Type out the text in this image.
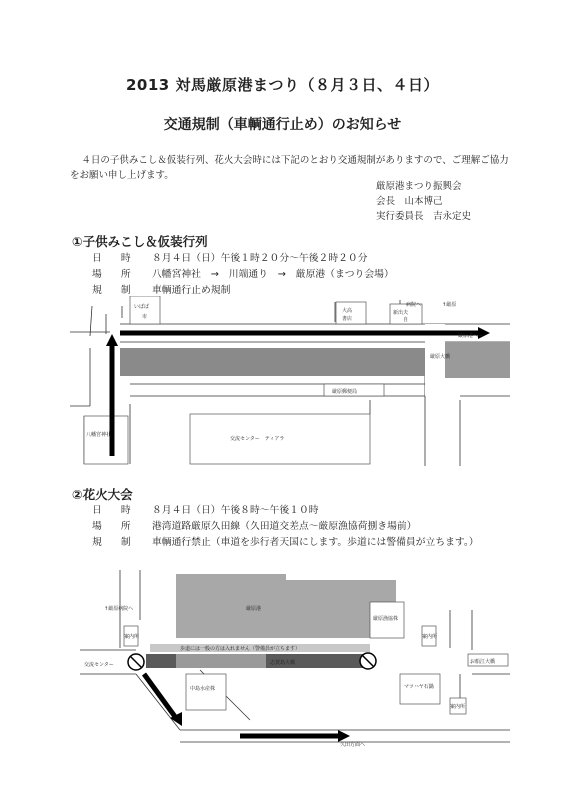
2013 対馬厳原港まつり（８月３日、４日）
交通規制（車輌通行止め）のお知らせ
４日の子供みこし＆仮装行列、花火大会時には下記のとおり交通規制がありますので、ご理解ご協力をお願い申し上げます。
厳原港まつり振興会
会長　山本博己
実行委員長　吉永定史
①子供みこし＆仮装行列
日 時 ８月４日（日）午後１時２０分～午後２時２０分
場 所 八幡宮神社　→　川端通り　→　厳原港（まつり会場）
規 制 車輌通行止め規制
いばば
市
大高
書店
新出夫
自
病院へ	↑厳原
厳原港へ→
厳原大橋
厳原郵便局
八幡宮神社
交流センター　ティアラ
②花火大会
日 時 ８月４日（日）午後８時～午後１０時
場 所 港湾道路厳原久田線（久田道交差点～厳原漁協荷捌き場前）
規 制 車輌通行禁止（車道を歩行者天国にします。歩道には警備員が立ちます。）
↑厳原病院へ	厳原港
厳原漁協株
案内所	案内所
案内所
歩道には一般の方は入れません（警備員が立ちます）
志賀島大橋
交流センター	お船江大橋
中島水産株	マツハヤ石鍋
久田方面へ
